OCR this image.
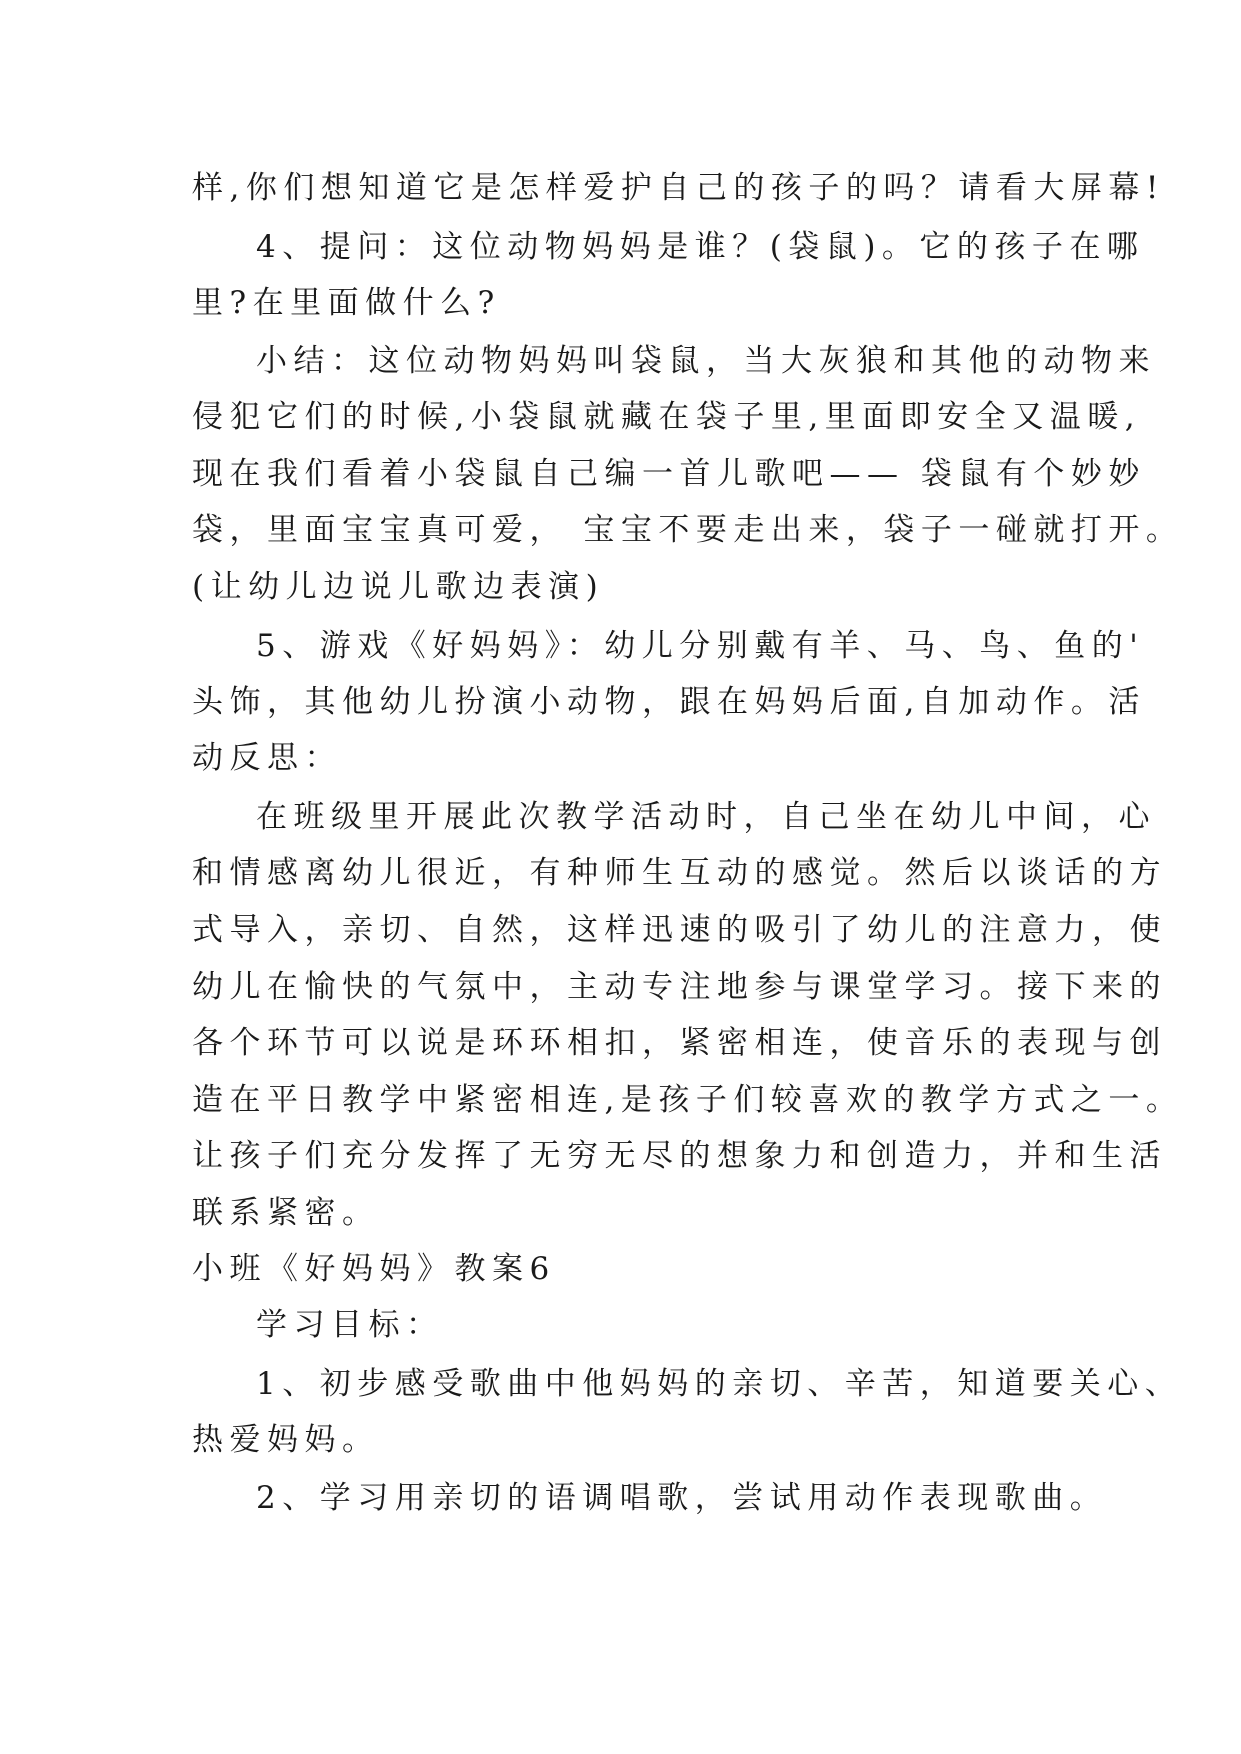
样,你们想知道它是怎样爱护自己的孩子的吗？请看大屏幕!
4、提问：这位动物妈妈是谁？(袋鼠)。它的孩子在哪
里?在里面做什么?
小结：这位动物妈妈叫袋鼠，当大灰狼和其他的动物来
侵犯它们的时候,小袋鼠就藏在袋子里,里面即安全又温暖,
现在我们看着小袋鼠自己编一首儿歌吧—— 袋鼠有个妙妙
袋，里面宝宝真可爱， 宝宝不要走出来，袋子一碰就打开。
(让幼儿边说儿歌边表演)
5、游戏《好妈妈》：幼儿分别戴有羊、马、鸟、鱼的'
头饰，其他幼儿扮演小动物，跟在妈妈后面,自加动作。活
动反思：
在班级里开展此次教学活动时，自己坐在幼儿中间，心
和情感离幼儿很近，有种师生互动的感觉。然后以谈话的方
式导入，亲切、自然，这样迅速的吸引了幼儿的注意力，使
幼儿在愉快的气氛中，主动专注地参与课堂学习。接下来的
各个环节可以说是环环相扣，紧密相连，使音乐的表现与创
造在平日教学中紧密相连,是孩子们较喜欢的教学方式之一。
让孩子们充分发挥了无穷无尽的想象力和创造力，并和生活
联系紧密。
小班《好妈妈》教案6
学习目标：
1、初步感受歌曲中他妈妈的亲切、辛苦，知道要关心、
热爱妈妈。
2、学习用亲切的语调唱歌，尝试用动作表现歌曲。
